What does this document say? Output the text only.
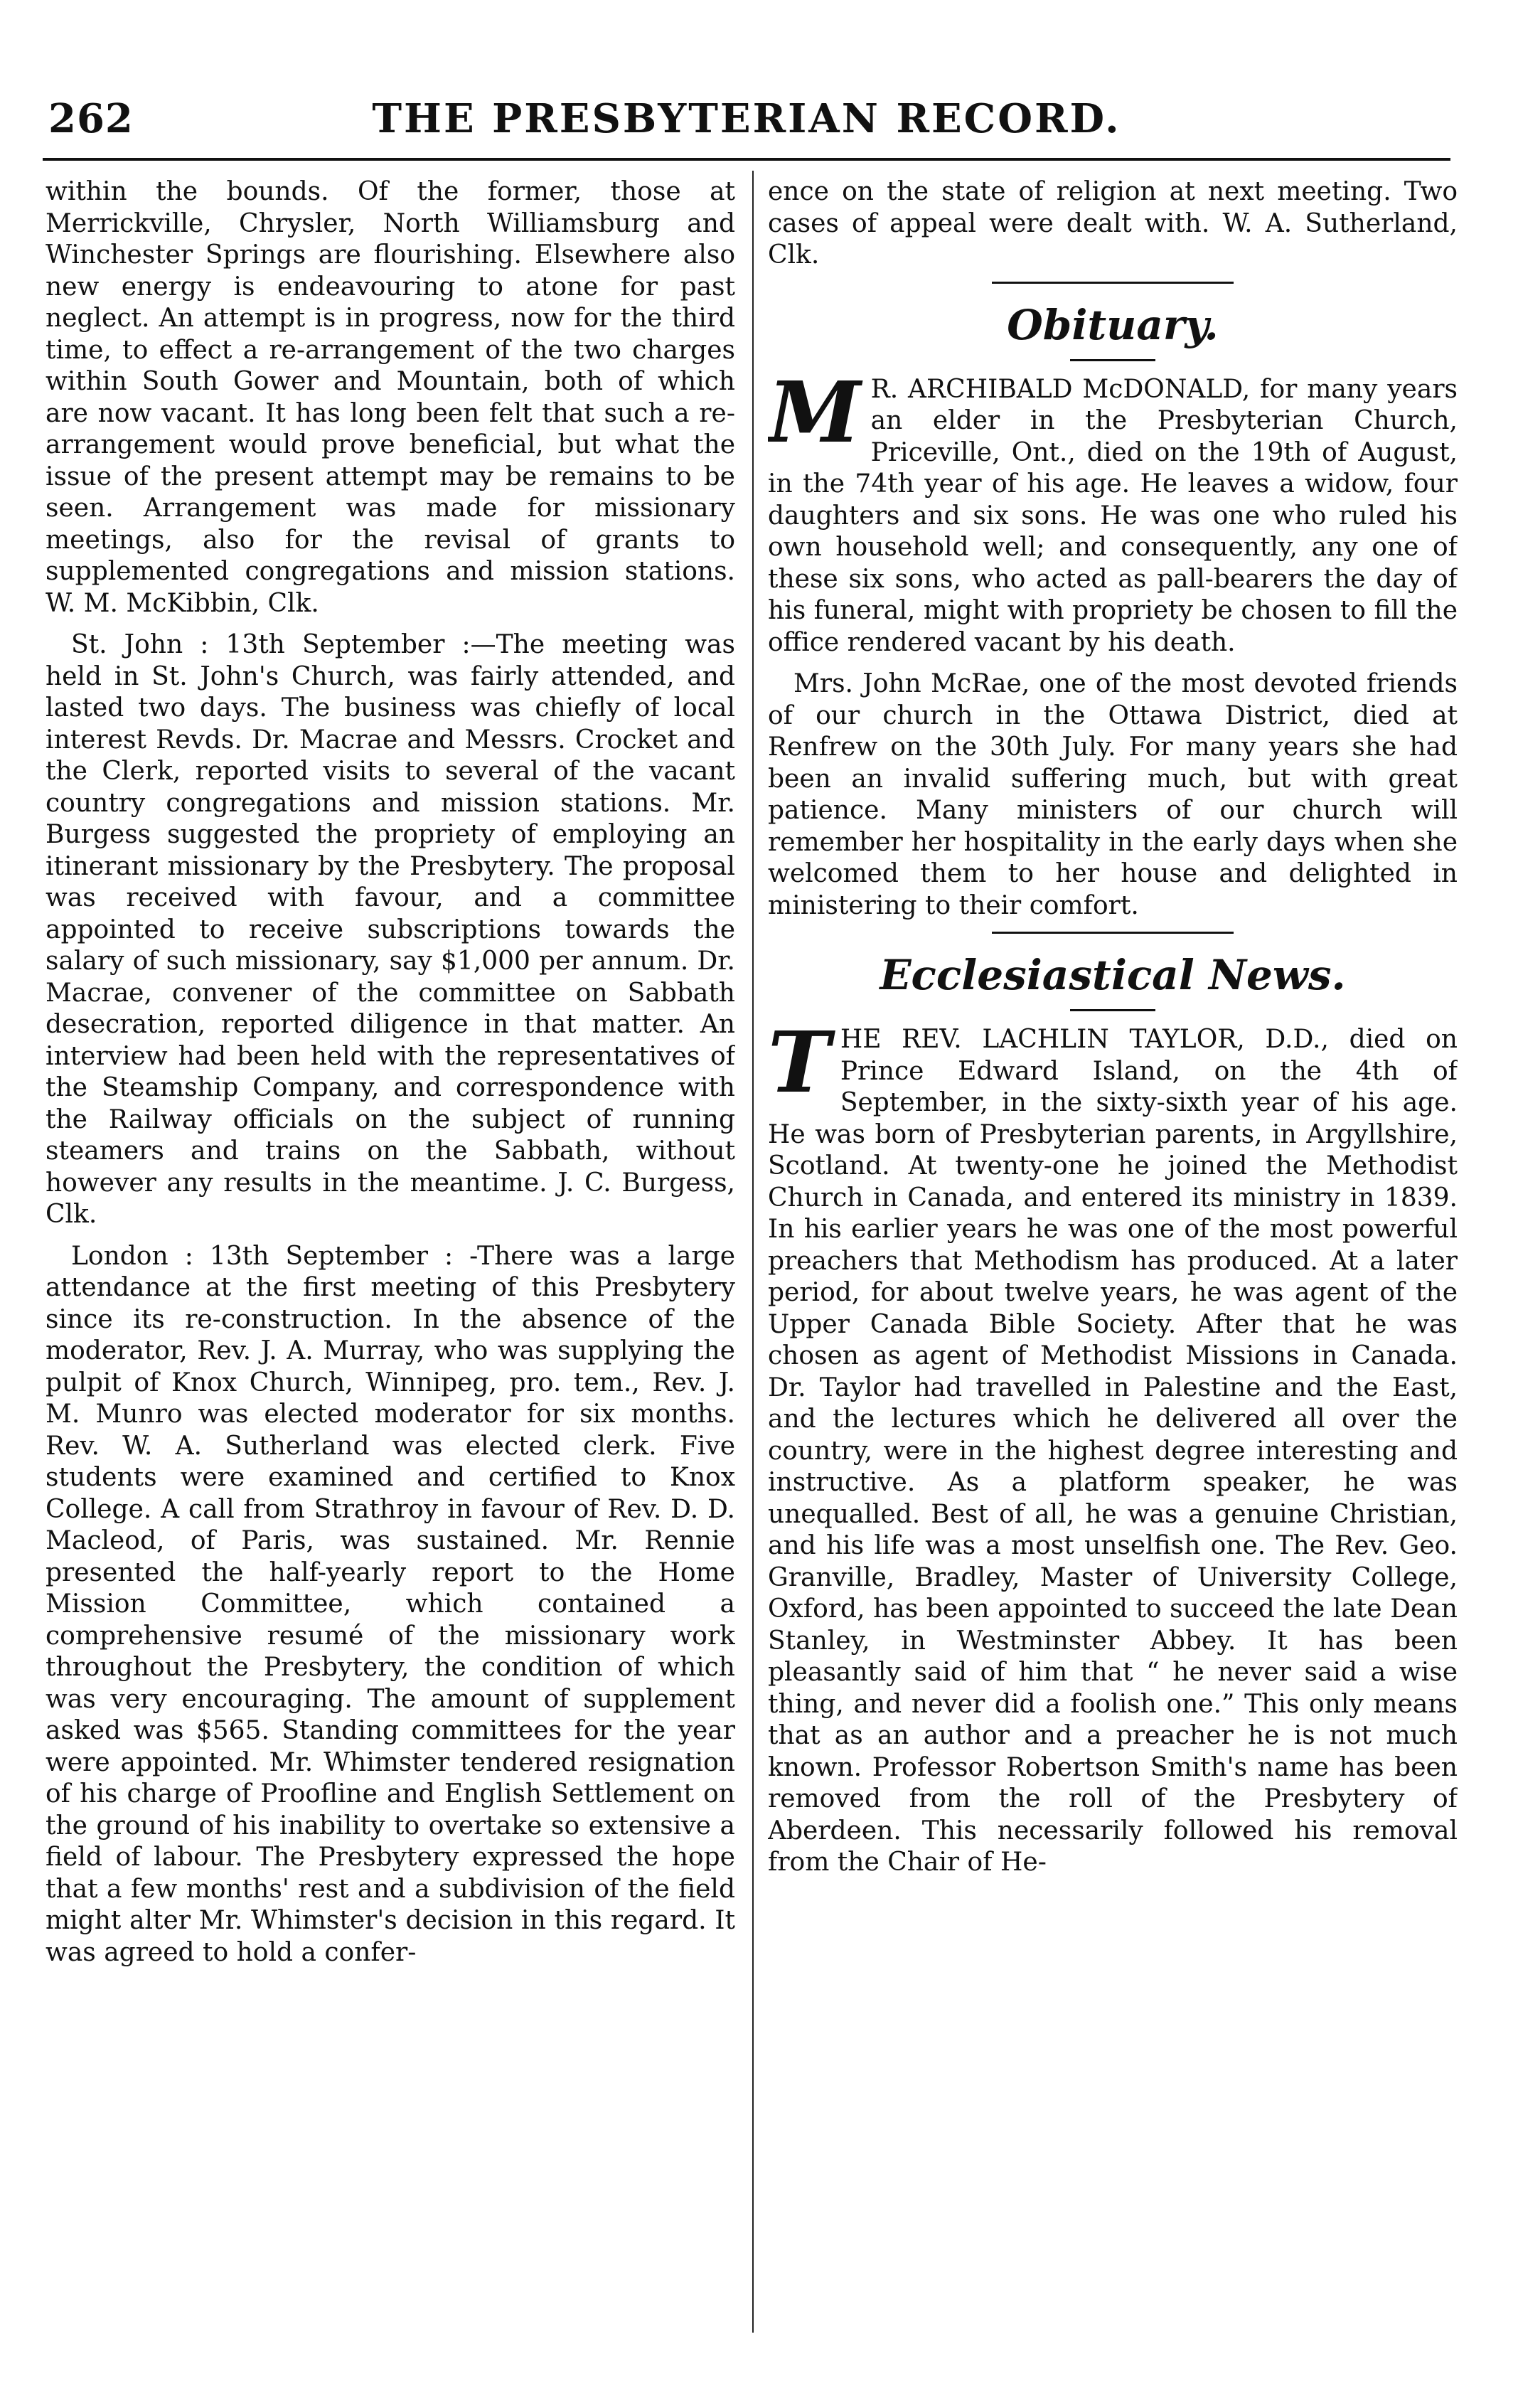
262	THE PRESBYTERIAN RECORD.

within the bounds. Of the former, those at Merrickville, Chrysler, North Williamsburg and Winchester Springs are flourishing. Elsewhere also new energy is endeavouring to atone for past neglect. An attempt is in progress, now for the third time, to effect a re-arrangement of the two charges within South Gower and Mountain, both of which are now vacant. It has long been felt that such a re-arrangement would prove beneficial, but what the issue of the present attempt may be remains to be seen. Arrangement was made for missionary meetings, also for the revisal of grants to supplemented congregations and mission stations. W. M. McKibbin, Clk.

St. John : 13th September :—The meeting was held in St. John's Church, was fairly attended, and lasted two days. The business was chiefly of local interest Revds. Dr. Macrae and Messrs. Crocket and the Clerk, reported visits to several of the vacant country congregations and mission stations. Mr. Burgess suggested the propriety of employing an itinerant missionary by the Presbytery. The proposal was received with favour, and a committee appointed to receive subscriptions towards the salary of such missionary, say $1,000 per annum. Dr. Macrae, convener of the committee on Sabbath desecration, reported diligence in that matter. An interview had been held with the representatives of the Steamship Company, and correspondence with the Railway officials on the subject of running steamers and trains on the Sabbath, without however any results in the meantime. J. C. Burgess, Clk.

London : 13th September : -There was a large attendance at the first meeting of this Presbytery since its re-construction. In the absence of the moderator, Rev. J. A. Murray, who was supplying the pulpit of Knox Church, Winnipeg, pro. tem., Rev. J. M. Munro was elected moderator for six months. Rev. W. A. Sutherland was elected clerk. Five students were examined and certified to Knox College. A call from Strathroy in favour of Rev. D. D. Macleod, of Paris, was sustained. Mr. Rennie presented the half-yearly report to the Home Mission Committee, which contained a comprehensive resumé of the missionary work throughout the Presbytery, the condition of which was very encouraging. The amount of supplement asked was $565. Standing committees for the year were appointed. Mr. Whimster tendered resignation of his charge of Proofline and English Settlement on the ground of his inability to overtake so extensive a field of labour. The Presbytery expressed the hope that a few months' rest and a subdivision of the field might alter Mr. Whimster's decision in this regard. It was agreed to hold a confer-

ence on the state of religion at next meeting. Two cases of appeal were dealt with. W. A. Sutherland, Clk.

Obituary.

M R. ARCHIBALD McDONALD, for many years an elder in the Presbyterian Church, Priceville, Ont., died on the 19th of August, in the 74th year of his age. He leaves a widow, four daughters and six sons. He was one who ruled his own household well; and consequently, any one of these six sons, who acted as pall-bearers the day of his funeral, might with propriety be chosen to fill the office rendered vacant by his death.

Mrs. John McRae, one of the most devoted friends of our church in the Ottawa District, died at Renfrew on the 30th July. For many years she had been an invalid suffering much, but with great patience. Many ministers of our church will remember her hospitality in the early days when she welcomed them to her house and delighted in ministering to their comfort.

Ecclesiastical News.

THE REV. LACHLIN TAYLOR, D.D., died on Prince Edward Island, on the 4th of September, in the sixty-sixth year of his age. He was born of Presbyterian parents, in Argyllshire, Scotland. At twenty-one he joined the Methodist Church in Canada, and entered its ministry in 1839. In his earlier years he was one of the most powerful preachers that Methodism has produced. At a later period, for about twelve years, he was agent of the Upper Canada Bible Society. After that he was chosen as agent of Methodist Missions in Canada. Dr. Taylor had travelled in Palestine and the East, and the lectures which he delivered all over the country, were in the highest degree interesting and instructive. As a platform speaker, he was unequalled. Best of all, he was a genuine Christian, and his life was a most unselfish one. The Rev. Geo. Granville, Bradley, Master of University College, Oxford, has been appointed to succeed the late Dean Stanley, in Westminster Abbey. It has been pleasantly said of him that “ he never said a wise thing, and never did a foolish one.” This only means that as an author and a preacher he is not much known. Professor Robertson Smith's name has been removed from the roll of the Presbytery of Aberdeen. This necessarily followed his removal from the Chair of He-
